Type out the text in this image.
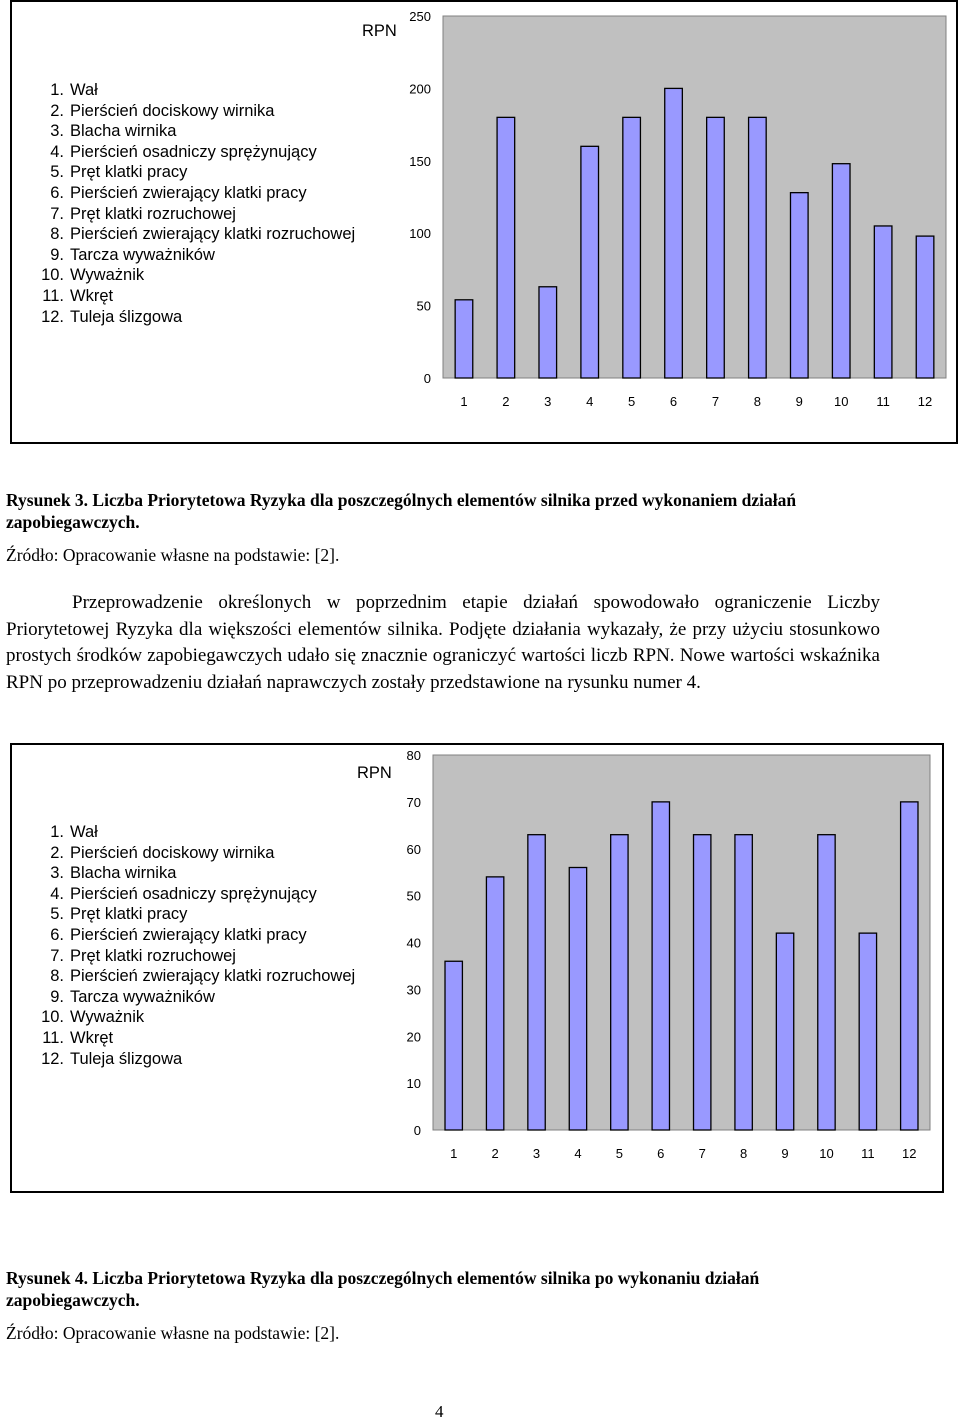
RPN
1. Wał
2. Pierścień dociskowy wirnika
3. Blacha wirnika
4. Pierścień osadniczy sprężynujący
5. Pręt klatki pracy
6. Pierścień zwierający klatki pracy
7. Pręt klatki rozruchowej
8. Pierścień zwierający klatki rozruchowej
9. Tarcza wyważników
10. Wyważnik
11. Wkręt
12. Tuleja ślizgowa
0
50
100
150
200
250
1	2	3	4	5	6	7	8	9 10 11 12
Rysunek 3. Liczba Priorytetowa Ryzyka dla poszczególnych elementów silnika przed wykonaniem działań zapobiegawczych.
Źródło: Opracowanie własne na podstawie: [2].
Przeprowadzenie określonych w poprzednim etapie działań spowodowało ograniczenie Liczby Priorytetowej Ryzyka dla większości elementów silnika. Podjęte działania wykazały, że przy użyciu stosunkowo prostych środków zapobiegawczych udało się znacznie ograniczyć wartości liczb RPN. Nowe wartości wskaźnika RPN po przeprowadzeniu działań naprawczych zostały przedstawione na rysunku numer 4.
RPN
1. Wał
2. Pierścień dociskowy wirnika
3. Blacha wirnika
4. Pierścień osadniczy sprężynujący
5. Pręt klatki pracy
6. Pierścień zwierający klatki pracy
7. Pręt klatki rozruchowej
8. Pierścień zwierający klatki rozruchowej
9. Tarcza wyważników
10. Wyważnik
11. Wkręt
12. Tuleja ślizgowa
0
10
20
30
40
50
60
70
80
1	2	3	4	5	6	7	8	9 10 11 12
Rysunek 4. Liczba Priorytetowa Ryzyka dla poszczególnych elementów silnika po wykonaniu działań zapobiegawczych.
Źródło: Opracowanie własne na podstawie: [2].
4
